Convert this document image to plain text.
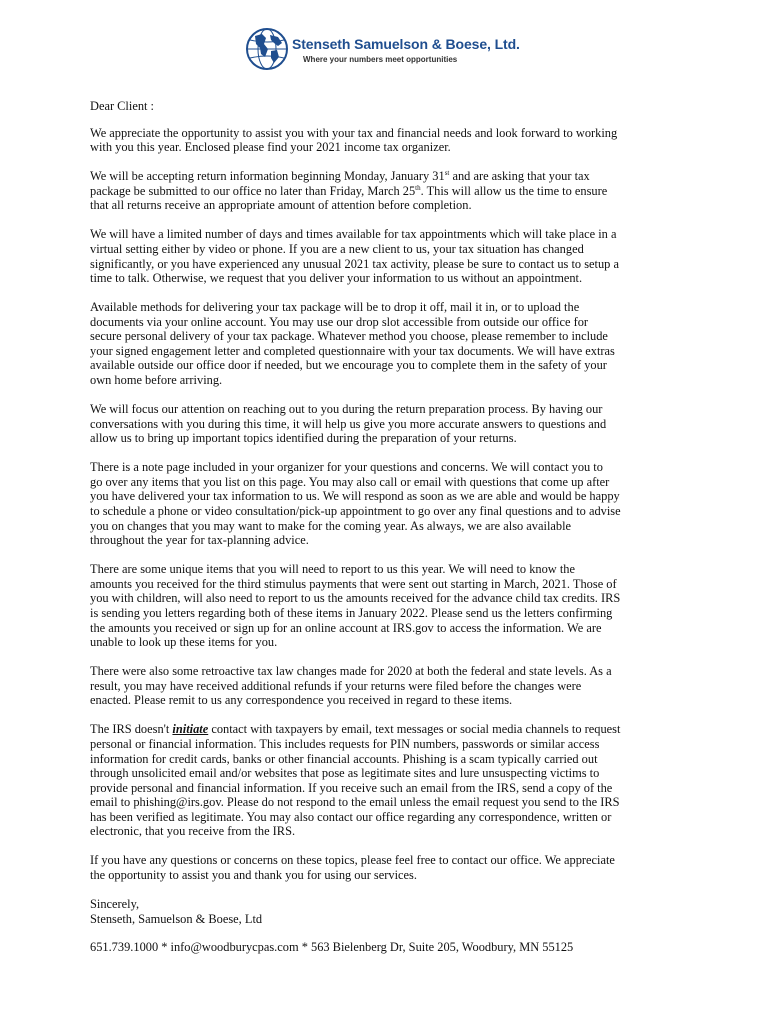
Stenseth Samuelson & Boese, Ltd.
Where your numbers meet opportunities

Dear Client :

We appreciate the opportunity to assist you with your tax and financial needs and look forward to working
with you this year. Enclosed please find your 2021 income tax organizer.

We will be accepting return information beginning Monday, January 31st and are asking that your tax
package be submitted to our office no later than Friday, March 25th. This will allow us the time to ensure
that all returns receive an appropriate amount of attention before completion.

We will have a limited number of days and times available for tax appointments which will take place in a
virtual setting either by video or phone. If you are a new client to us, your tax situation has changed
significantly, or you have experienced any unusual 2021 tax activity, please be sure to contact us to setup a
time to talk. Otherwise, we request that you deliver your information to us without an appointment.

Available methods for delivering your tax package will be to drop it off, mail it in, or to upload the
documents via your online account. You may use our drop slot accessible from outside our office for
secure personal delivery of your tax package. Whatever method you choose, please remember to include
your signed engagement letter and completed questionnaire with your tax documents. We will have extras
available outside our office door if needed, but we encourage you to complete them in the safety of your
own home before arriving.

We will focus our attention on reaching out to you during the return preparation process. By having our
conversations with you during this time, it will help us give you more accurate answers to questions and
allow us to bring up important topics identified during the preparation of your returns.

There is a note page included in your organizer for your questions and concerns. We will contact you to
go over any items that you list on this page. You may also call or email with questions that come up after
you have delivered your tax information to us. We will respond as soon as we are able and would be happy
to schedule a phone or video consultation/pick-up appointment to go over any final questions and to advise
you on changes that you may want to make for the coming year. As always, we are also available
throughout the year for tax-planning advice.

There are some unique items that you will need to report to us this year. We will need to know the
amounts you received for the third stimulus payments that were sent out starting in March, 2021. Those of
you with children, will also need to report to us the amounts received for the advance child tax credits. IRS
is sending you letters regarding both of these items in January 2022. Please send us the letters confirming
the amounts you received or sign up for an online account at IRS.gov to access the information. We are
unable to look up these items for you.

There were also some retroactive tax law changes made for 2020 at both the federal and state levels. As a
result, you may have received additional refunds if your returns were filed before the changes were
enacted. Please remit to us any correspondence you received in regard to these items.

The IRS doesn't initiate contact with taxpayers by email, text messages or social media channels to request
personal or financial information. This includes requests for PIN numbers, passwords or similar access
information for credit cards, banks or other financial accounts. Phishing is a scam typically carried out
through unsolicited email and/or websites that pose as legitimate sites and lure unsuspecting victims to
provide personal and financial information. If you receive such an email from the IRS, send a copy of the
email to phishing@irs.gov. Please do not respond to the email unless the email request you send to the IRS
has been verified as legitimate. You may also contact our office regarding any correspondence, written or
electronic, that you receive from the IRS.

If you have any questions or concerns on these topics, please feel free to contact our office. We appreciate
the opportunity to assist you and thank you for using our services.

Sincerely,
Stenseth, Samuelson & Boese, Ltd

651.739.1000 * info@woodburycpas.com * 563 Bielenberg Dr, Suite 205, Woodbury, MN 55125
